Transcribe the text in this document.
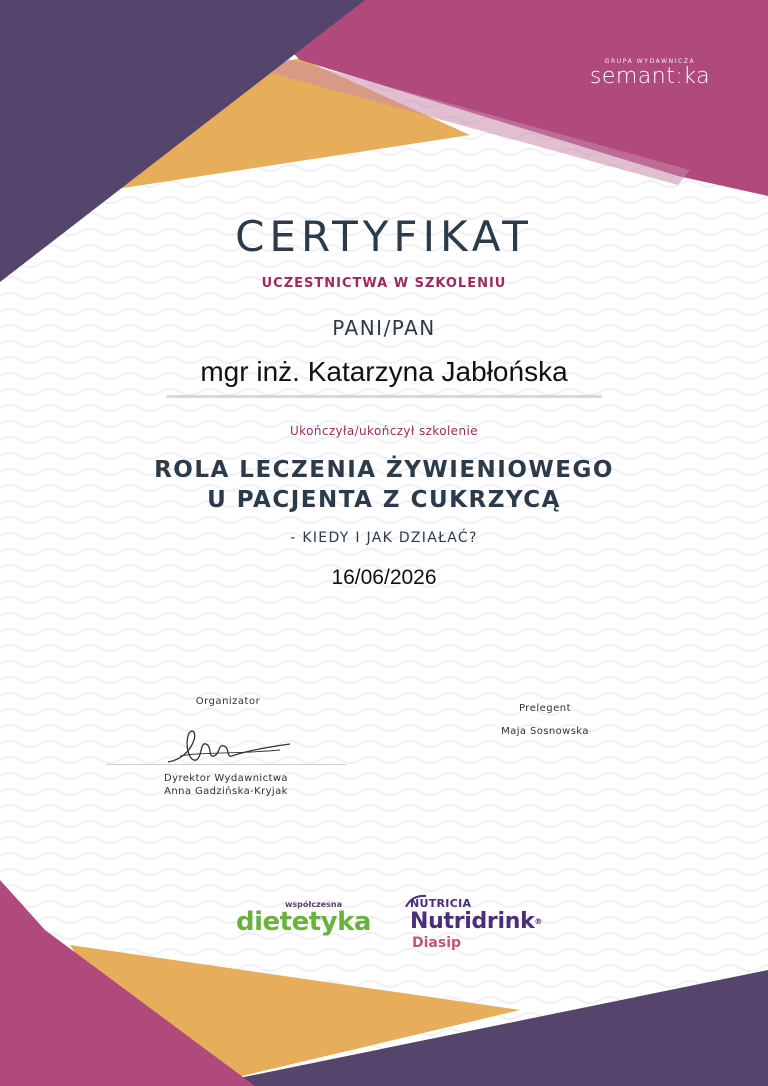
GRUPA WYDAWNICZA
semant:ka
CERTYFIKAT
UCZESTNICTWA W SZKOLENIU
PANI/PAN
mgr inż. Katarzyna Jabłońska
Ukończyła/ukończył szkolenie
ROLA LECZENIA ŻYWIENIOWEGO
U PACJENTA Z CUKRZYCĄ
- KIEDY I JAK DZIAŁAĆ?
16/06/2026
Organizator
Dyrektor Wydawnictwa
Anna Gadzińska-Kryjak
Prelegent
Maja Sosnowska
współczesna
dietetyka
NUTRICIA
Nutridrink®
Diasip
